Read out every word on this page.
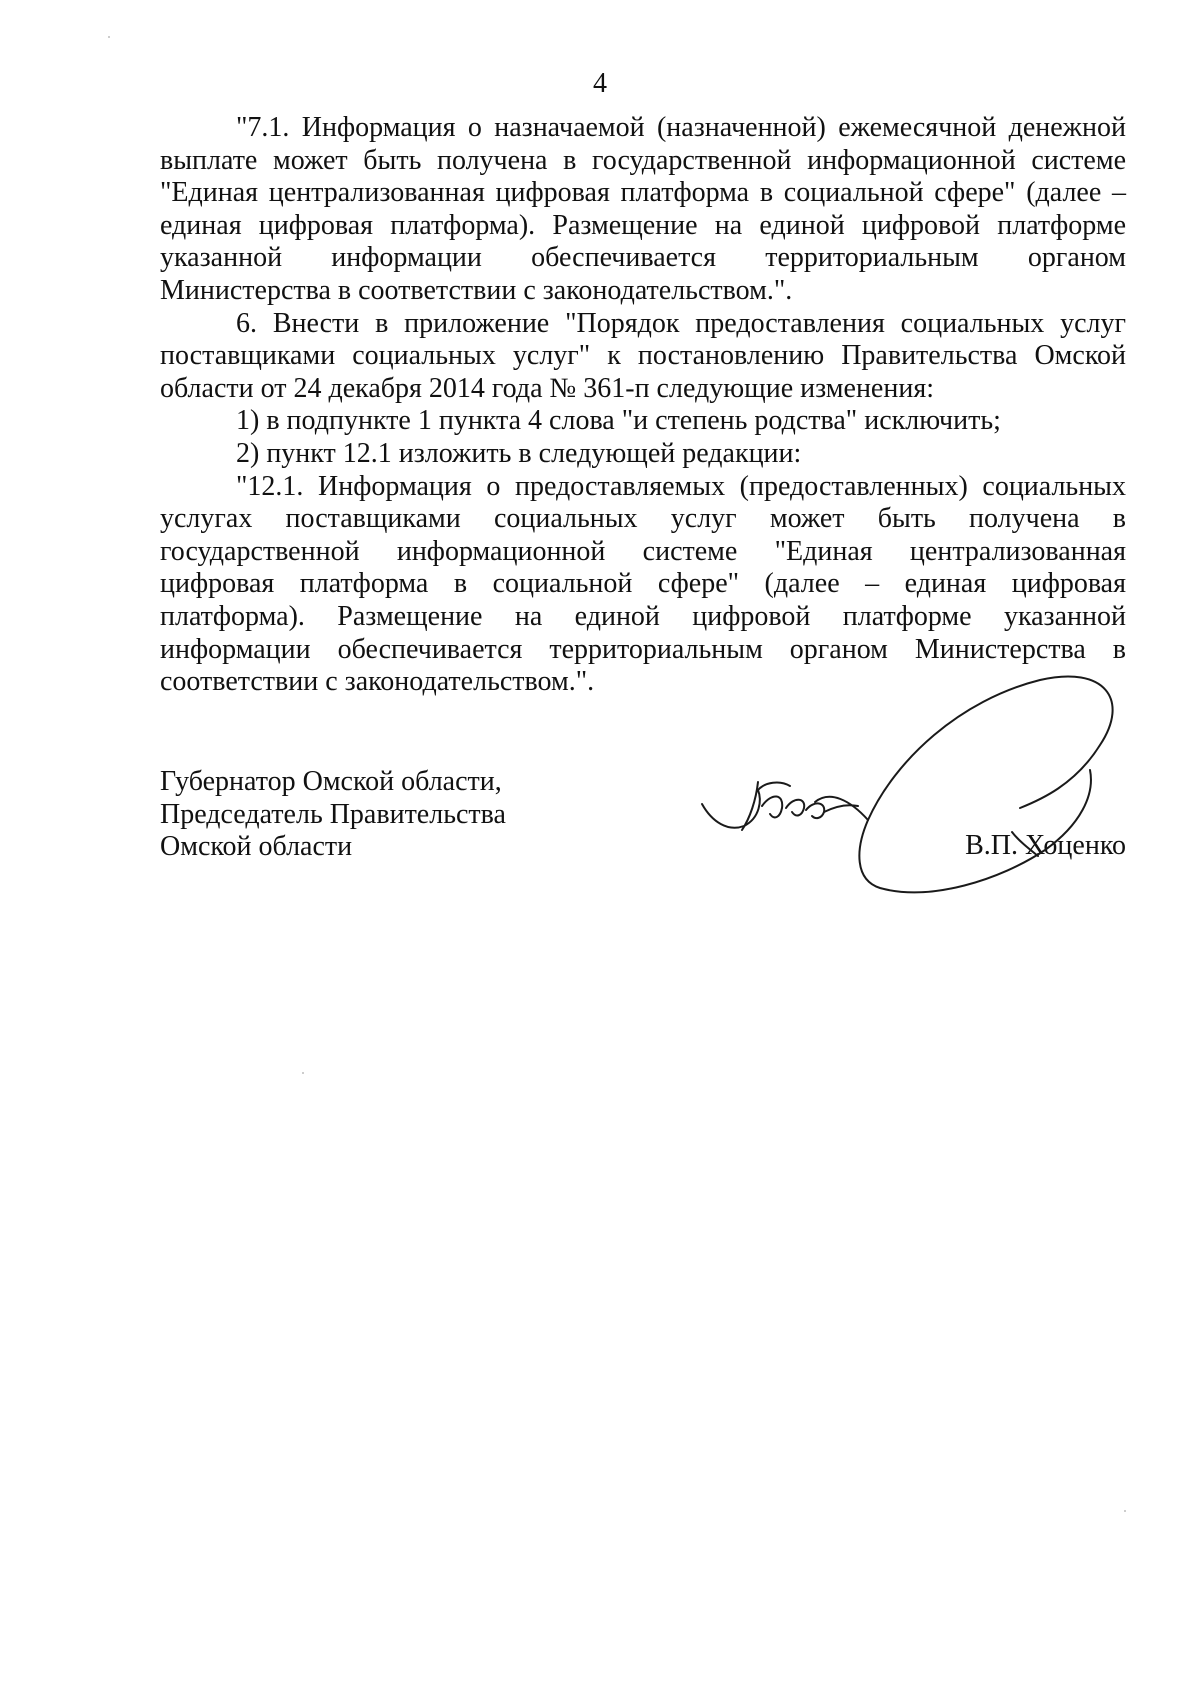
4

"7.1. Информация о назначаемой (назначенной) ежемесячной денежной выплате может быть получена в государственной информационной системе "Единая централизованная цифровая платформа в социальной сфере" (далее – единая цифровая платформа). Размещение на единой цифровой платформе указанной информации обеспечивается территориальным органом Министерства в соответствии с законодательством.".

6. Внести в приложение "Порядок предоставления социальных услуг поставщиками социальных услуг" к постановлению Правительства Омской области от 24 декабря 2014 года № 361-п следующие изменения:

1) в подпункте 1 пункта 4 слова "и степень родства" исключить;

2) пункт 12.1 изложить в следующей редакции:

"12.1. Информация о предоставляемых (предоставленных) социальных услугах поставщиками социальных услуг может быть получена в государственной информационной системе "Единая централизованная цифровая платформа в социальной сфере" (далее – единая цифровая платформа). Размещение на единой цифровой платформе указанной информации обеспечивается территориальным органом Министерства в соответствии с законодательством.".

Губернатор Омской области,
Председатель Правительства
Омской области	В.П. Хоценко
